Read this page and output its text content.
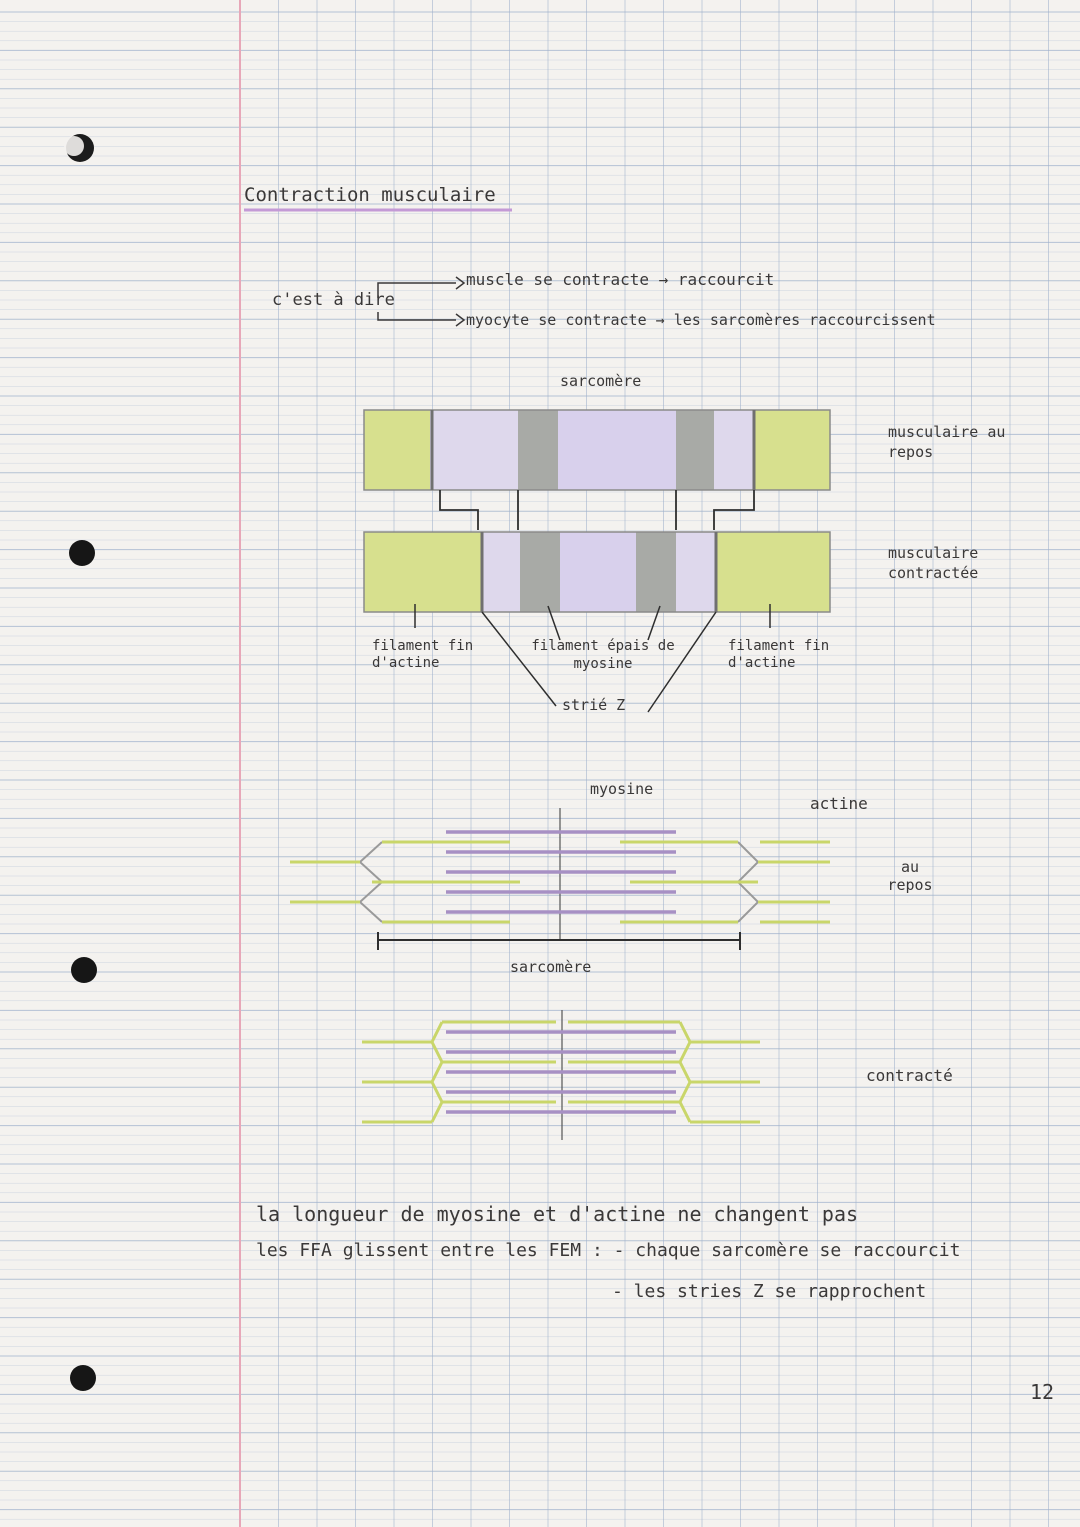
Contraction musculaire
c'est à dire
muscle se contracte → raccourcit
myocyte se contracte → les sarcomères raccourcissent
sarcomère
musculaire au repos
musculaire contractée
filament fin d'actine
filament épais de myosine
strié Z
filament fin d'actine
myosine
actine
au repos
sarcomère
contracté
la longueur de myosine et d'actine ne changent pas
les FFA glissent entre les FEM : - chaque sarcomère se raccourcit
- les stries Z se rapprochent
12
